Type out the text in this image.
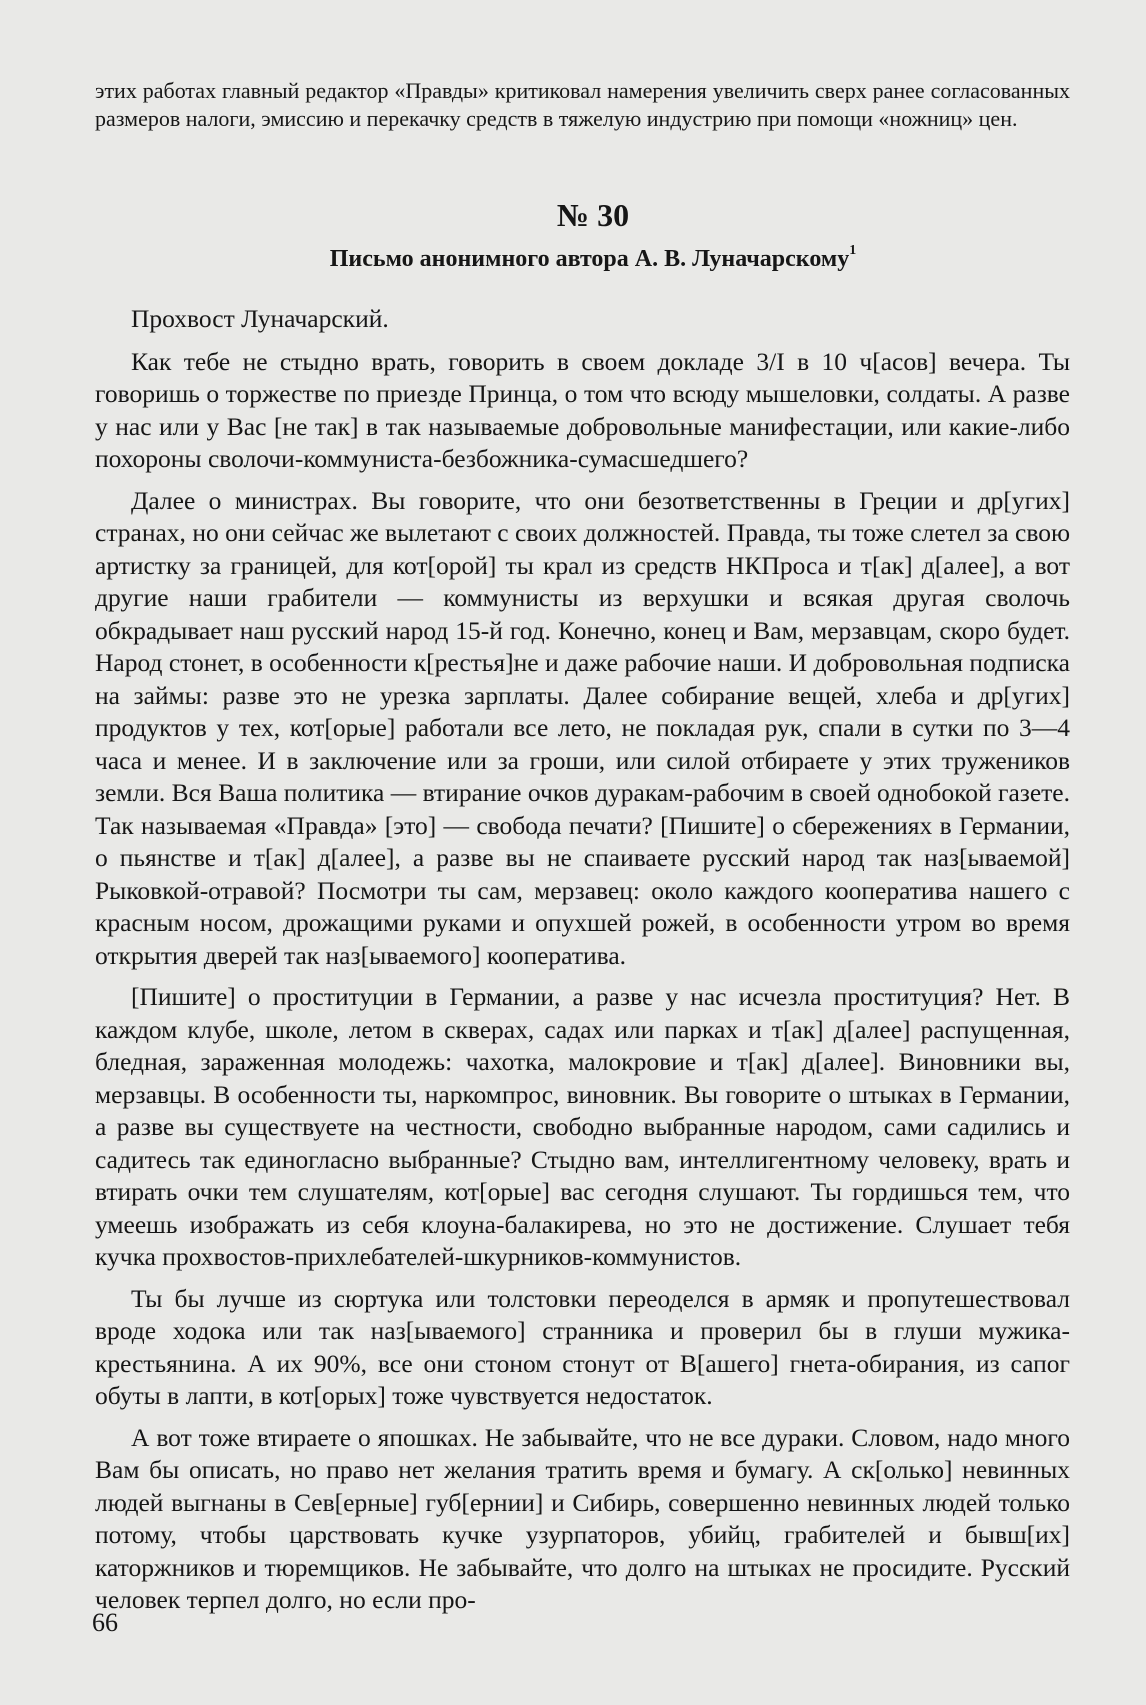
этих работах главный редактор «Правды» критиковал намерения увеличить сверх ранее согласованных размеров налоги, эмиссию и перекачку средств в тяжелую индустрию при помощи «ножниц» цен.
№ 30
Письмо анонимного автора А. В. Луначарскому$^1$

Прохвост Луначарский.

Как тебе не стыдно врать, говорить в своем докладе 3/I в 10 ч[асов] вечера. Ты говоришь о торжестве по приезде Принца, о том что всюду мышеловки, солдаты. А разве у нас или у Вас [не так] в так называемые добровольные манифестации, или какие-либо похороны сволочи-коммуниста-безбожника-сумасшедшего?

Далее о министрах. Вы говорите, что они безответственны в Греции и др[угих] странах, но они сейчас же вылетают с своих должностей. Правда, ты тоже слетел за свою артистку за границей, для кот[орой] ты крал из средств НКПроса и т[ак] д[алее], а вот другие наши грабители — коммунисты из верхушки и всякая другая сволочь обкрадывает наш русский народ 15-й год. Конечно, конец и Вам, мерзавцам, скоро будет. Народ стонет, в особенности к[рестья]не и даже рабочие наши. И добровольная подписка на займы: разве это не урезка зарплаты. Далее собирание вещей, хлеба и др[угих] продуктов у тех, кот[орые] работали все лето, не покладая рук, спали в сутки по 3—4 часа и менее. И в заключение или за гроши, или силой отбираете у этих тружеников земли. Вся Ваша политика — втирание очков дуракам-рабочим в своей однобокой газете. Так называемая «Правда» [это] — свобода печати? [Пишите] о сбережениях в Германии, о пьянстве и т[ак] д[алее], а разве вы не спаиваете русский народ так наз[ываемой] Рыковкой-отравой? Посмотри ты сам, мерзавец: около каждого кооператива нашего с красным носом, дрожащими руками и опухшей рожей, в особенности утром во время открытия дверей так наз[ываемого] кооператива.

[Пишите] о проституции в Германии, а разве у нас исчезла проституция? Нет. В каждом клубе, школе, летом в скверах, садах или парках и т[ак] д[алее] распущенная, бледная, зараженная молодежь: чахотка, малокровие и т[ак] д[алее]. Виновники вы, мерзавцы. В особенности ты, наркомпрос, виновник. Вы говорите о штыках в Германии, а разве вы существуете на честности, свободно выбранные народом, сами садились и садитесь так единогласно выбранные? Стыдно вам, интеллигентному человеку, врать и втирать очки тем слушателям, кот[орые] вас сегодня слушают. Ты гордишься тем, что умеешь изображать из себя клоуна-балакирева, но это не достижение. Слушает тебя кучка прохвостов-прихлебателей-шкурников-коммунистов.

Ты бы лучше из сюртука или толстовки переоделся в армяк и пропутешествовал вроде ходока или так наз[ываемого] странника и проверил бы в глуши мужика-крестьянина. А их 90%, все они стоном стонут от В[ашего] гнета-обирания, из сапог обуты в лапти, в кот[орых] тоже чувствуется недостаток.

А вот тоже втираете о япошках. Не забывайте, что не все дураки. Словом, надо много Вам бы описать, но право нет желания тратить время и бумагу. А ск[олько] невинных людей выгнаны в Сев[ерные] губ[ернии] и Сибирь, совершенно невинных людей только потому, чтобы царствовать кучке узурпаторов, убийц, грабителей и бывш[их] каторжников и тюремщиков. Не забывайте, что долго на штыках не просидите. Русский человек терпел долго, но если про-

66
